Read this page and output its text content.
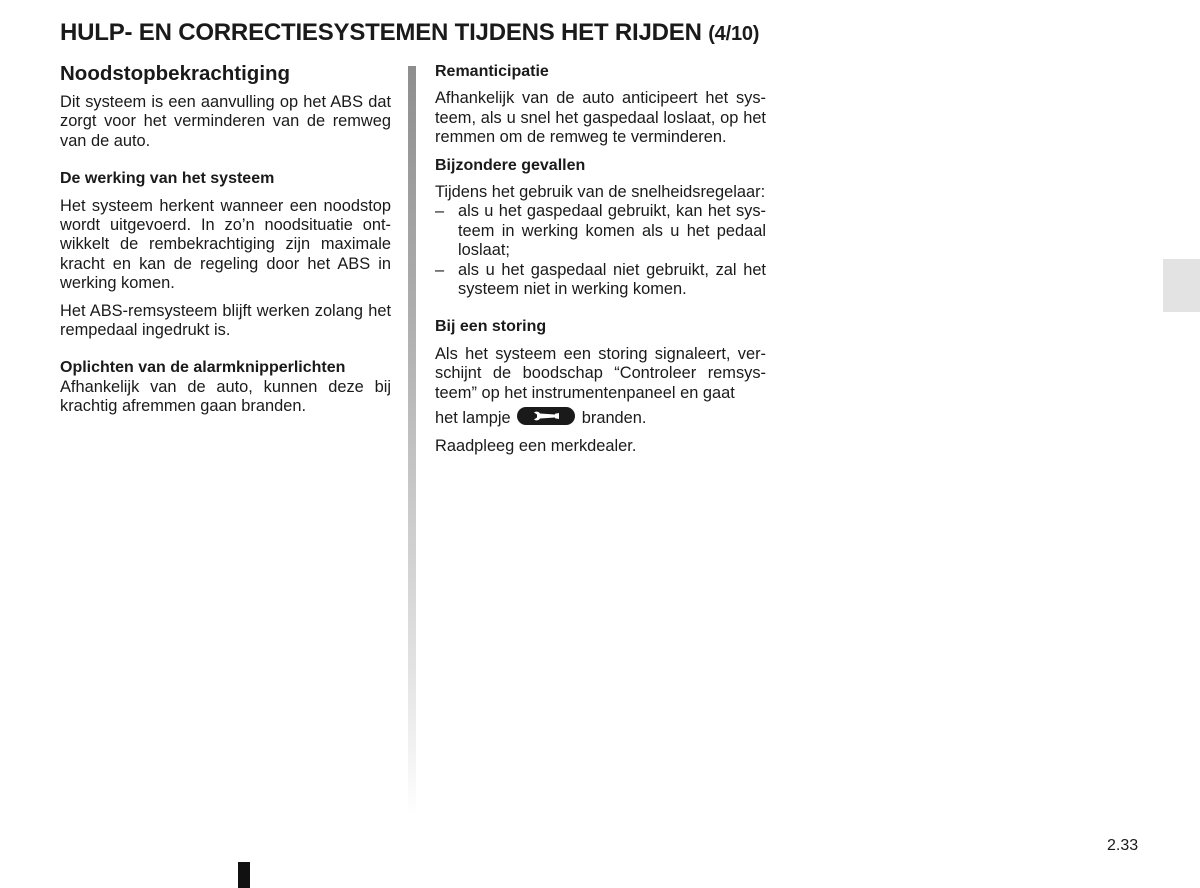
HULP- EN CORRECTIESYSTEMEN TIJDENS HET RIJDEN (4/10)
Noodstopbekrachtiging

Dit systeem is een aanvulling op het ABS dat zorgt voor het verminderen van de remweg van de auto.

De werking van het systeem

Het systeem herkent wanneer een noodstop wordt uitgevoerd. In zo’n noodsituatie ontwikkelt de rembekrachtiging zijn maximale kracht en kan de regeling door het ABS in werking komen.

Het ABS-remsysteem blijft werken zolang het rempedaal ingedrukt is.

Oplichten van de alarmknipperlichten

Afhankelijk van de auto, kunnen deze bij krachtig afremmen gaan branden.

Remanticipatie

Afhankelijk van de auto anticipeert het systeem, als u snel het gaspedaal loslaat, op het remmen om de remweg te verminderen.

Bijzondere gevallen

Tijdens het gebruik van de snelheidsregelaar:

– als u het gaspedaal gebruikt, kan het systeem in werking komen als u het pedaal loslaat;
– als u het gaspedaal niet gebruikt, zal het systeem niet in werking komen.
Bij een storing

Als het systeem een storing signaleert, verschijnt de boodschap “Controleer remsysteem” op het instrumentenpaneel en gaat

het lampje	branden.

Raadpleeg een merkdealer.

2.33
